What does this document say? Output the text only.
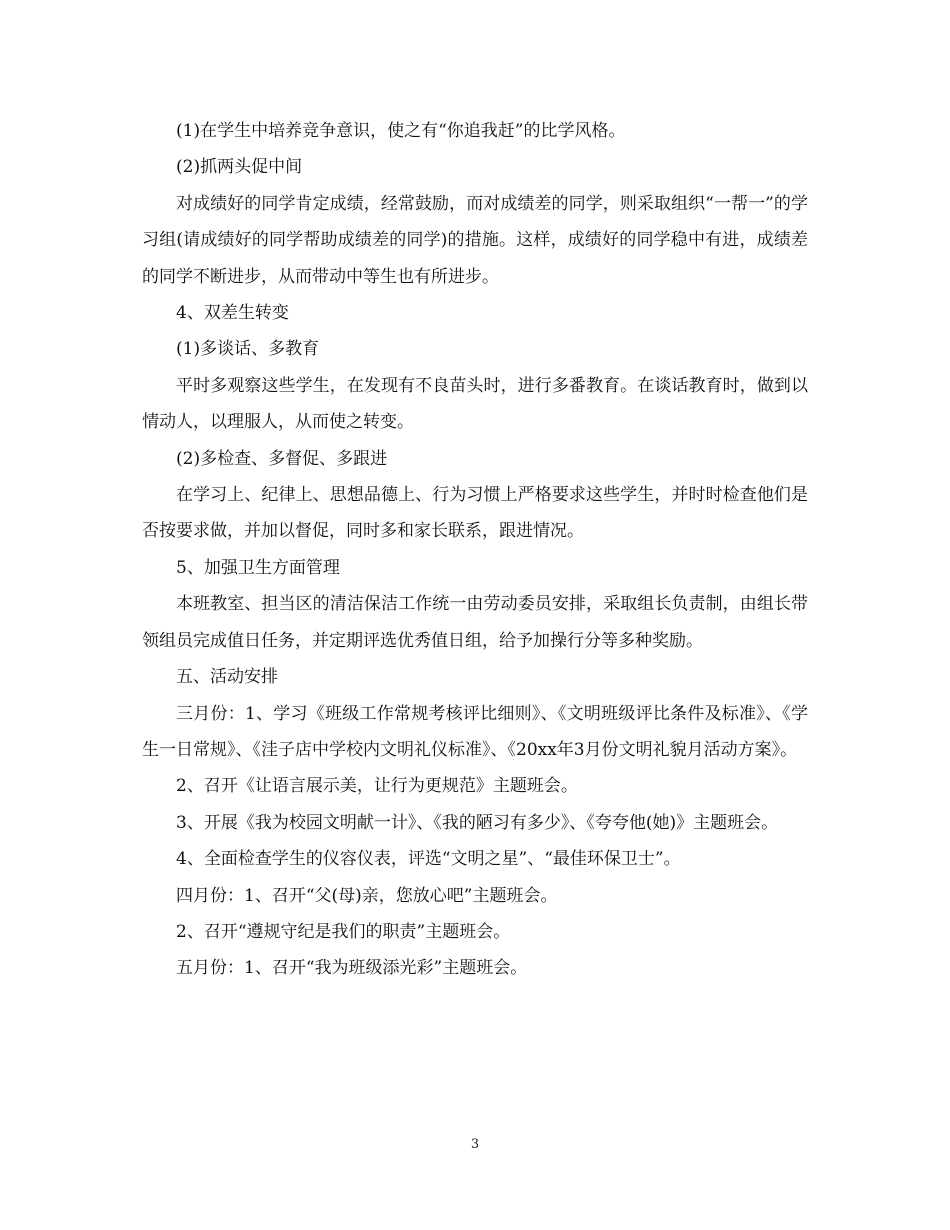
(1)在学生中培养竞争意识，使之有“你追我赶”的比学风格。

(2)抓两头促中间

对成绩好的同学肯定成绩，经常鼓励，而对成绩差的同学，则采取组织“一帮一”的学习组(请成绩好的同学帮助成绩差的同学)的措施。这样，成绩好的同学稳中有进，成绩差的同学不断进步，从而带动中等生也有所进步。

4、双差生转变

(1)多谈话、多教育

平时多观察这些学生，在发现有不良苗头时，进行多番教育。在谈话教育时，做到以情动人，以理服人，从而使之转变。

(2)多检查、多督促、多跟进

在学习上、纪律上、思想品德上、行为习惯上严格要求这些学生，并时时检查他们是否按要求做，并加以督促，同时多和家长联系，跟进情况。

5、加强卫生方面管理

本班教室、担当区的清洁保洁工作统一由劳动委员安排，采取组长负责制，由组长带领组员完成值日任务，并定期评选优秀值日组，给予加操行分等多种奖励。

五、活动安排

三月份：1、学习《班级工作常规考核评比细则》、《文明班级评比条件及标准》、《学生一日常规》、《洼子店中学校内文明礼仪标准》、《20xx年3月份文明礼貌月活动方案》。

2、召开《让语言展示美，让行为更规范》主题班会。

3、开展《我为校园文明献一计》、《我的陋习有多少》、《夸夸他(她)》主题班会。

4、全面检查学生的仪容仪表，评选“文明之星”、“最佳环保卫士”。

四月份：1、召开“父(母)亲，您放心吧”主题班会。

2、召开“遵规守纪是我们的职责”主题班会。

五月份：1、召开“我为班级添光彩”主题班会。

3
